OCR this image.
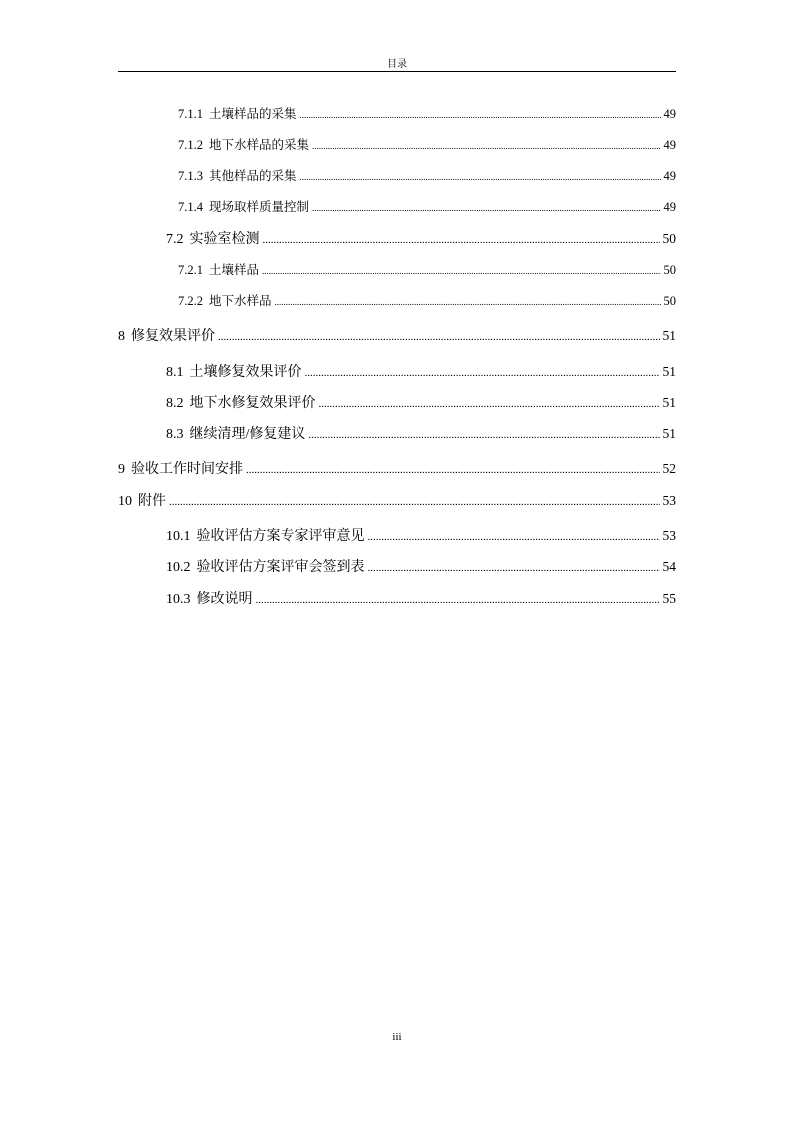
目录
7.1.1 土壤样品的采集 .....	49
7.1.2 地下水样品的采集 .....	49
7.1.3 其他样品的采集 .....	49
7.1.4 现场取样质量控制 .....	49
7.2 实验室检测 .....	50
7.2.1 土壤样品 .....	50
7.2.2 地下水样品 .....	50
8 修复效果评价 .....	51
8.1 土壤修复效果评价 .....	51
8.2 地下水修复效果评价 .....	51
8.3 继续清理/修复建议 .....	51
9 验收工作时间安排 .....	52
10 附件 .....	53
10.1 验收评估方案专家评审意见 .....	53
10.2 验收评估方案评审会签到表 .....	54
10.3 修改说明 .....	55
iii
